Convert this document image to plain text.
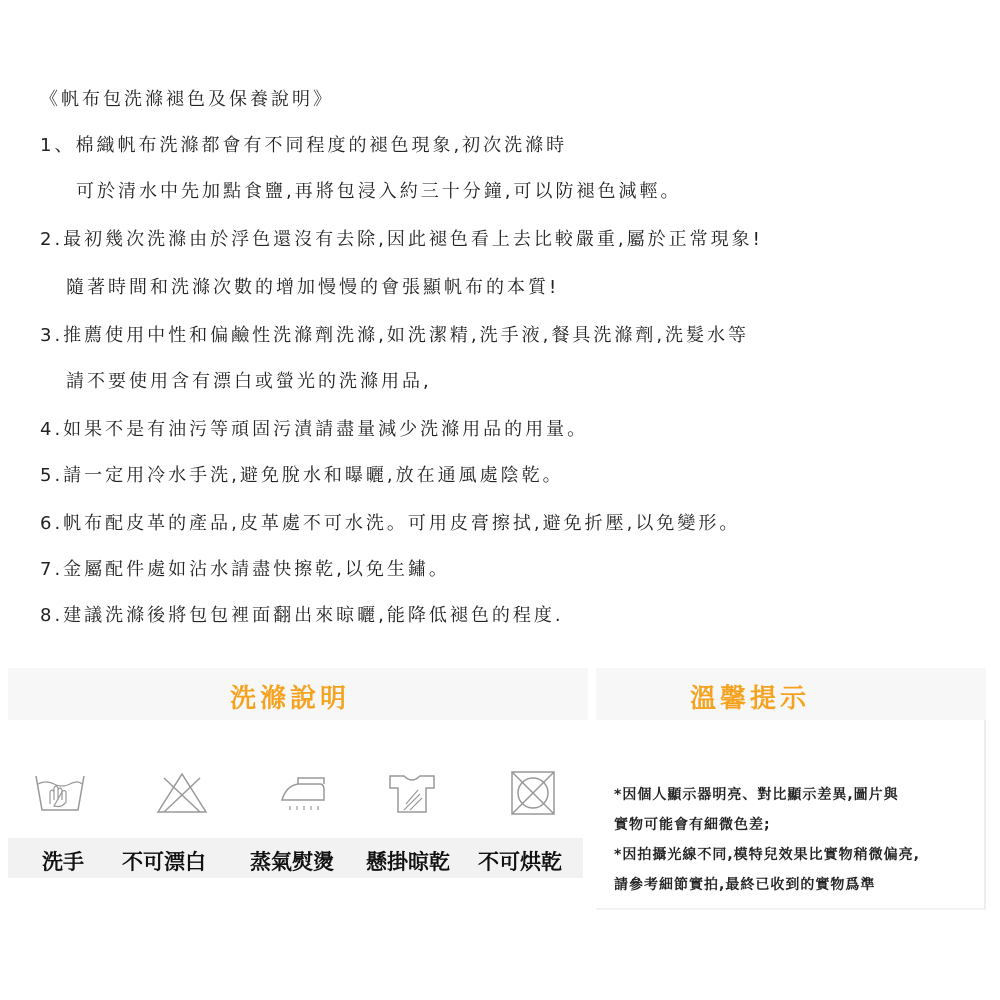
《帆布包洗滌褪色及保養說明》
1、棉織帆布洗滌都會有不同程度的褪色現象,初次洗滌時
可於清水中先加點食鹽,再將包浸入約三十分鐘,可以防褪色減輕。
2.最初幾次洗滌由於浮色還沒有去除,因此褪色看上去比較嚴重,屬於正常現象!
隨著時間和洗滌次數的增加慢慢的會張顯帆布的本質!
3.推薦使用中性和偏鹼性洗滌劑洗滌,如洗潔精,洗手液,餐具洗滌劑,洗髮水等
請不要使用含有漂白或螢光的洗滌用品,
4.如果不是有油污等頑固污漬請盡量減少洗滌用品的用量。
5.請一定用冷水手洗,避免脫水和曝曬,放在通風處陰乾。
6.帆布配皮革的產品,皮革處不可水洗。可用皮膏擦拭,避免折壓,以免變形。
7.金屬配件處如沾水請盡快擦乾,以免生鏽。
8.建議洗滌後將包包裡面翻出來晾曬,能降低褪色的程度.
洗滌說明
洗手 不可漂白 蒸氣熨燙 懸掛晾乾 不可烘乾
溫馨提示
*因個人顯示器明亮、對比顯示差異,圖片與
實物可能會有細微色差;
*因拍攝光線不同,模特兒效果比實物稍微偏亮,
請參考細節實拍,最終已收到的實物爲準
